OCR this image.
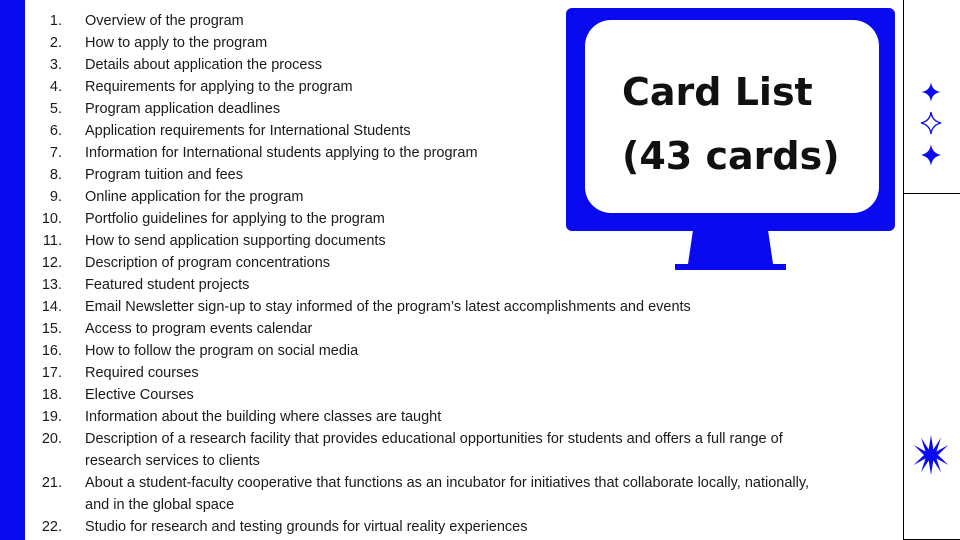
1. Overview of the program
2. How to apply to the program
3. Details about application the process
4. Requirements for applying to the program
5. Program application deadlines
6. Application requirements for International Students
7. Information for International students applying to the program
8. Program tuition and fees
9. Online application for the program
10. Portfolio guidelines for applying to the program
11. How to send application supporting documents
12. Description of program concentrations
13. Featured student projects
14. Email Newsletter sign-up to stay informed of the program’s latest accomplishments and events
15. Access to program events calendar
16. How to follow the program on social media
17. Required courses
18. Elective Courses
19. Information about the building where classes are taught
20. Description of a research facility that provides educational opportunities for students and offers a full range of research services to clients
21. About a student-faculty cooperative that functions as an incubator for initiatives that collaborate locally, nationally, and in the global space
22. Studio for research and testing grounds for virtual reality experiences
Card List
(43 cards)
